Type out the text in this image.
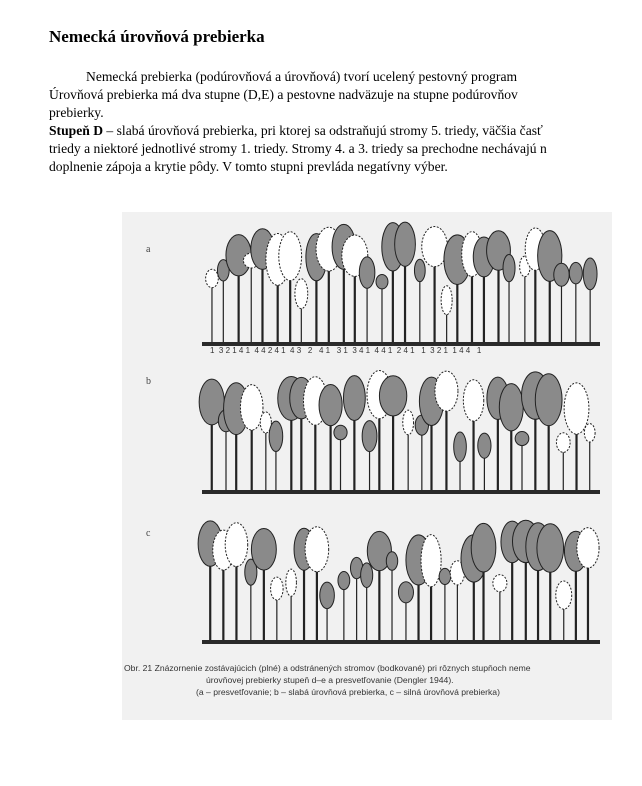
Nemecká úrovňová prebierka
Nemecká prebierka (podúrovňová a úrovňová) tvorí ucelený pestovný program
Úrovňová prebierka má dva stupne (D,E) a pestovne nadväzuje na stupne podúrovňov
prebierky.
Stupeň D – slabá úrovňová prebierka, pri ktorej sa odstraňujú stromy 5. triedy, väčšia časť
triedy a niektoré jednotlivé stromy 1. triedy. Stromy 4. a 3. triedy sa prechodne nechávajú n
doplnenie zápoja a krytie pôdy. V tomto stupni prevláda negatívny výber.
a
b
c
1  3 2 1 4 1  4 4 2 4 1  4 3   2   4 1   3 1  3 4 1  4 4 1  2 4 1   1  3 2 1  1 4 4   1
Obr. 21 Znázornenie zostávajúcich (plné) a odstránených stromov (bodkované) pri rôznych stupňoch neme
úrovňovej prebierky stupeň d–e a presvetľovanie (Dengler 1944).
(a – presvetľovanie; b – slabá úrovňová prebierka, c – silná úrovňová prebierka)
